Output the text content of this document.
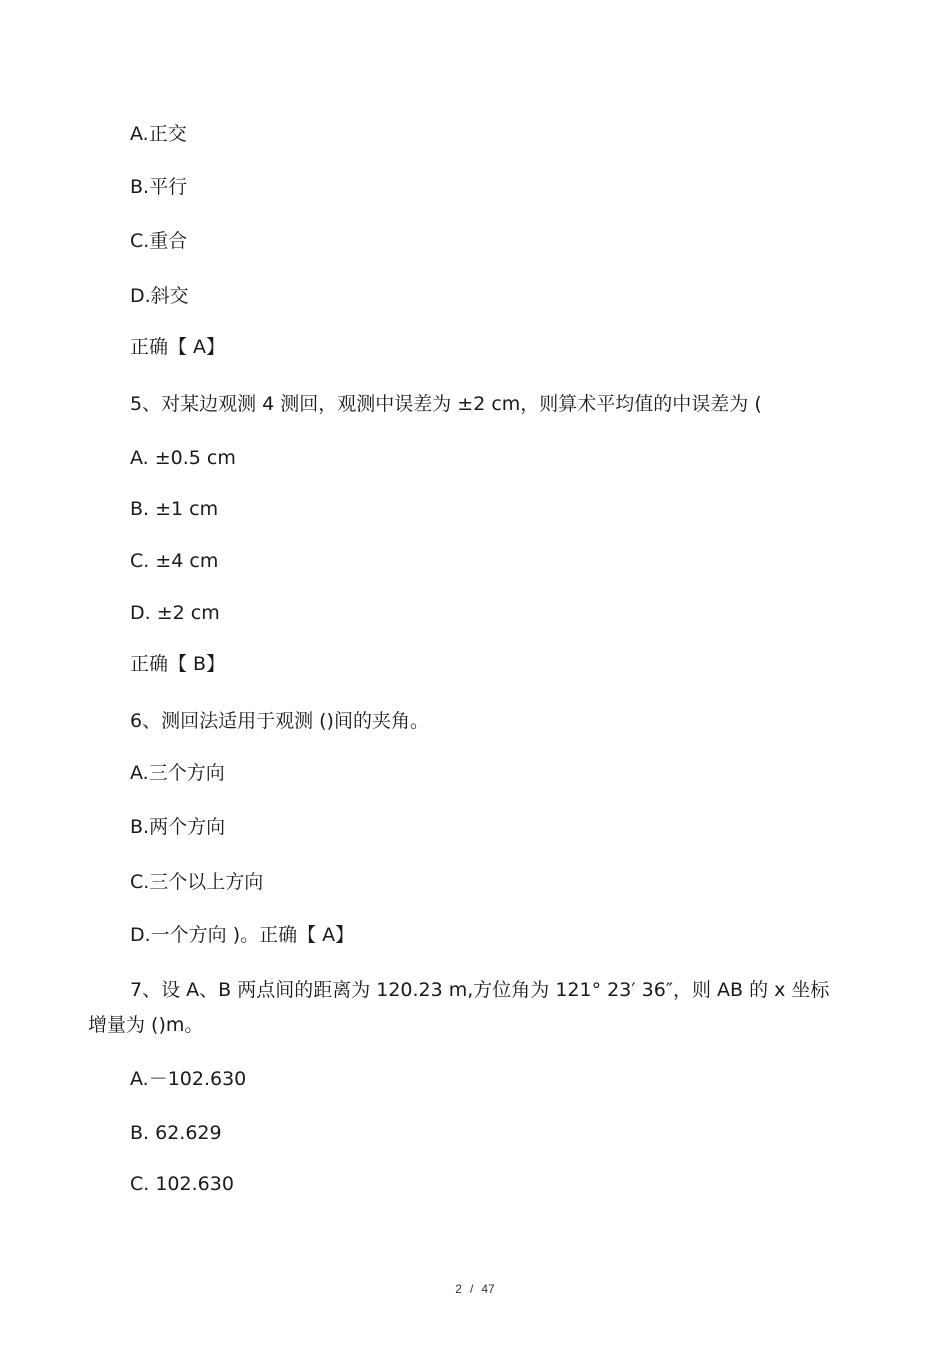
A.正交
B.平行
C.重合
D.斜交
正确【 A】
5、对某边观测 4 测回，观测中误差为 ±2 cm，则算术平均值的中误差为 (
A. ±0.5 cm
B. ±1 cm
C. ±4 cm
D. ±2 cm
正确【 B】
6、测回法适用于观测 ()间的夹角。
A.三个方向
B.两个方向
C.三个以上方向
D.一个方向 )。正确【 A】
7、设 A、B 两点间的距离为 120.23 m,方位角为 121° 23′ 36″，则 AB 的 x 坐标
增量为 ()m。
A.－102.630
B. 62.629
C. 102.630
2 / 47
